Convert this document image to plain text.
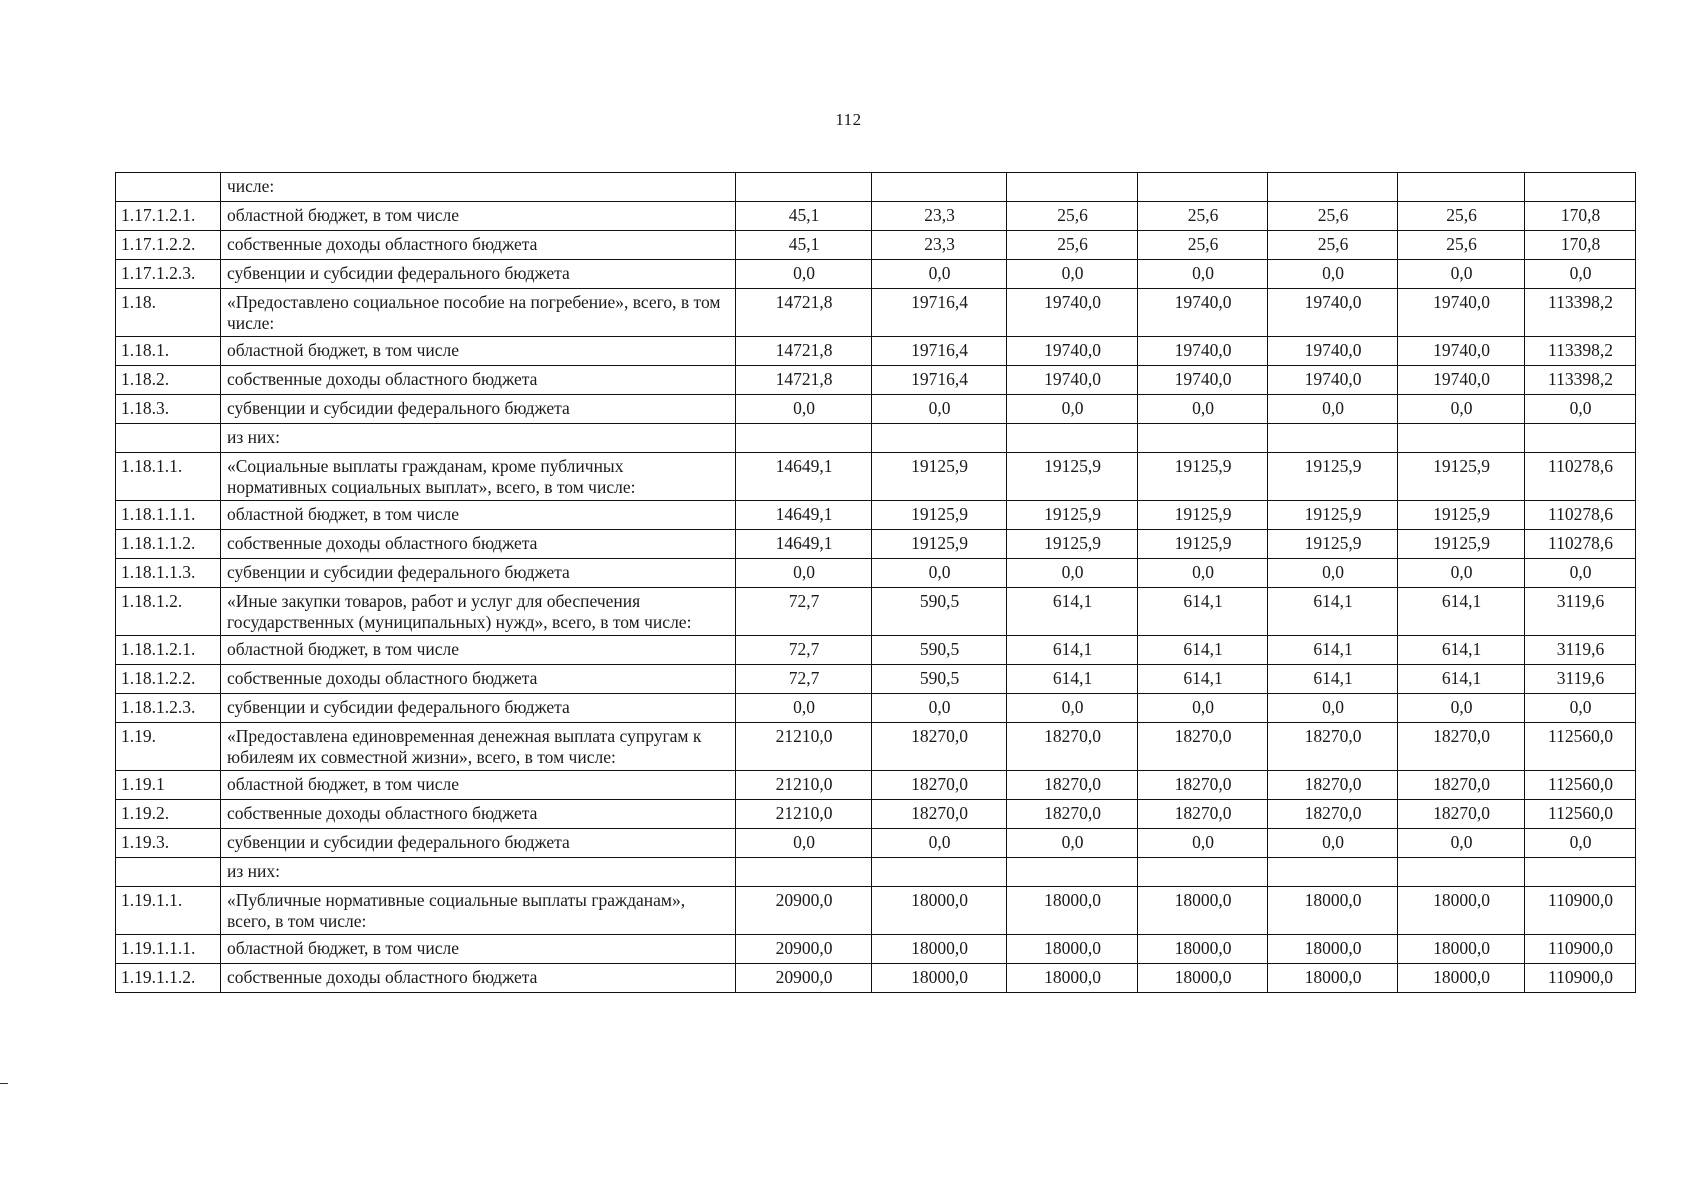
112
	числе:							
1.17.1.2.1.	областной бюджет, в том числе	45,1	23,3	25,6	25,6	25,6	25,6	170,8
1.17.1.2.2.	собственные доходы областного бюджета	45,1	23,3	25,6	25,6	25,6	25,6	170,8
1.17.1.2.3.	субвенции и субсидии федерального бюджета	0,0	0,0	0,0	0,0	0,0	0,0	0,0
1.18.	«Предоставлено социальное пособие на погребение», всего, в том числе:	14721,8	19716,4	19740,0	19740,0	19740,0	19740,0	113398,2
1.18.1.	областной бюджет, в том числе	14721,8	19716,4	19740,0	19740,0	19740,0	19740,0	113398,2
1.18.2.	собственные доходы областного бюджета	14721,8	19716,4	19740,0	19740,0	19740,0	19740,0	113398,2
1.18.3.	субвенции и субсидии федерального бюджета	0,0	0,0	0,0	0,0	0,0	0,0	0,0
	из них:							
1.18.1.1.	«Социальные выплаты гражданам, кроме публичных нормативных социальных выплат», всего, в том числе:	14649,1	19125,9	19125,9	19125,9	19125,9	19125,9	110278,6
1.18.1.1.1.	областной бюджет, в том числе	14649,1	19125,9	19125,9	19125,9	19125,9	19125,9	110278,6
1.18.1.1.2.	собственные доходы областного бюджета	14649,1	19125,9	19125,9	19125,9	19125,9	19125,9	110278,6
1.18.1.1.3.	субвенции и субсидии федерального бюджета	0,0	0,0	0,0	0,0	0,0	0,0	0,0
1.18.1.2.	«Иные закупки товаров, работ и услуг для обеспечения государственных (муниципальных) нужд», всего, в том числе:	72,7	590,5	614,1	614,1	614,1	614,1	3119,6
1.18.1.2.1.	областной бюджет, в том числе	72,7	590,5	614,1	614,1	614,1	614,1	3119,6
1.18.1.2.2.	собственные доходы областного бюджета	72,7	590,5	614,1	614,1	614,1	614,1	3119,6
1.18.1.2.3.	субвенции и субсидии федерального бюджета	0,0	0,0	0,0	0,0	0,0	0,0	0,0
1.19.	«Предоставлена единовременная денежная выплата супругам к юбилеям их совместной жизни», всего, в том числе:	21210,0	18270,0	18270,0	18270,0	18270,0	18270,0	112560,0
1.19.1	областной бюджет, в том числе	21210,0	18270,0	18270,0	18270,0	18270,0	18270,0	112560,0
1.19.2.	собственные доходы областного бюджета	21210,0	18270,0	18270,0	18270,0	18270,0	18270,0	112560,0
1.19.3.	субвенции и субсидии федерального бюджета	0,0	0,0	0,0	0,0	0,0	0,0	0,0
	из них:							
1.19.1.1.	«Публичные нормативные социальные выплаты гражданам», всего, в том числе:	20900,0	18000,0	18000,0	18000,0	18000,0	18000,0	110900,0
1.19.1.1.1.	областной бюджет, в том числе	20900,0	18000,0	18000,0	18000,0	18000,0	18000,0	110900,0
1.19.1.1.2.	собственные доходы областного бюджета	20900,0	18000,0	18000,0	18000,0	18000,0	18000,0	110900,0
